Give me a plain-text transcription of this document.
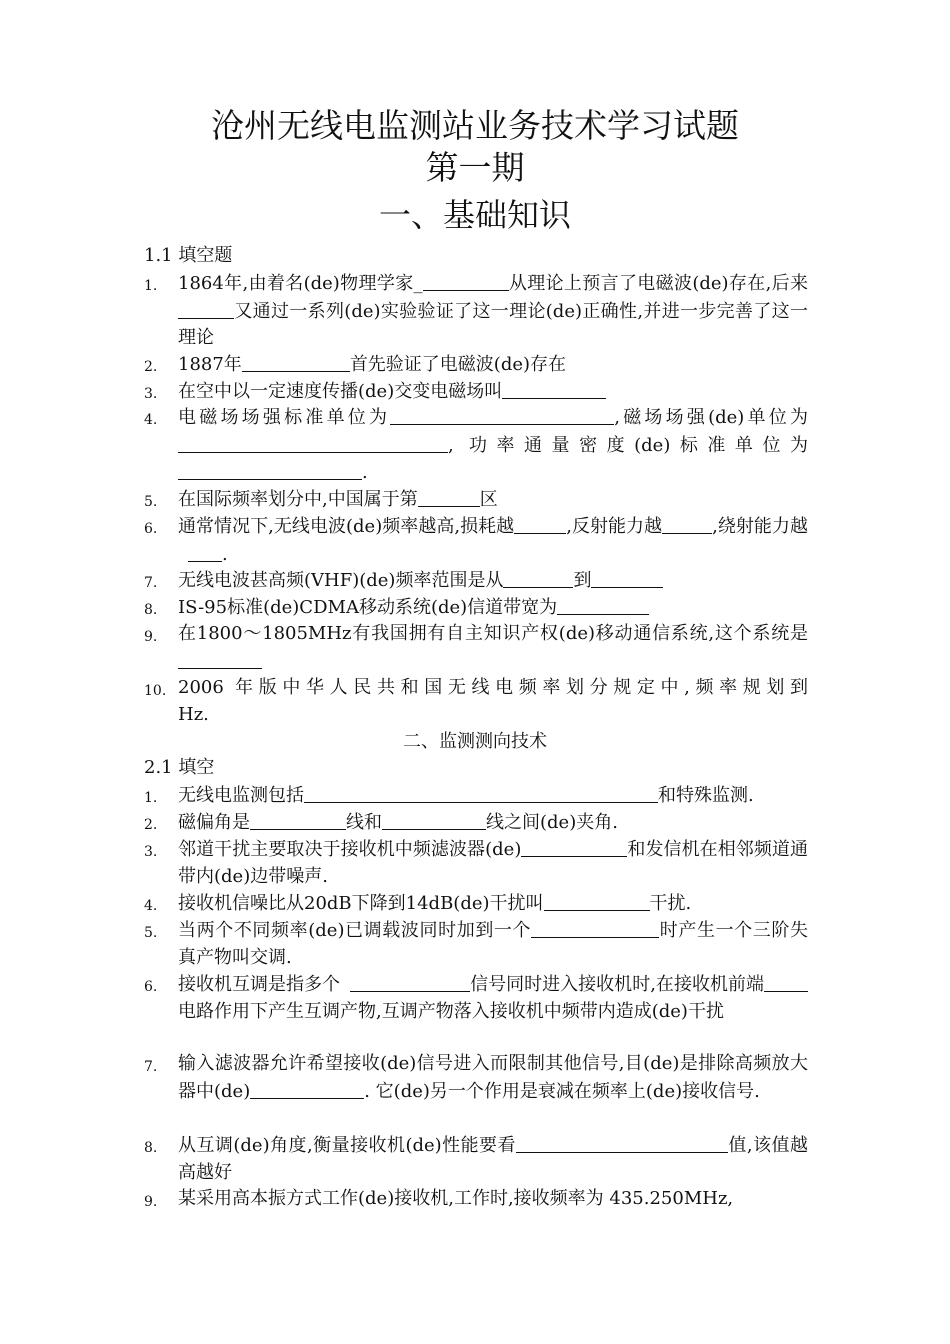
沧州无线电监测站业务技术学习试题
第一期
一、基础知识
1.1 填空题
1.	1864年,由着名(de)物理学家_	从理论上预言了电磁波(de)存在,后来又通过一系列(de)实验验证了这一理论(de)正确性,并进一步完善了这一理论
2.	1887年	首先验证了电磁波(de)存在
3.	在空中以一定速度传播(de)交变电磁场叫
4.	电磁场场强标准单位为	,磁场场强(de)单位为, 功率通量密度(de)标准单位为.
5.	在国际频率划分中,中国属于第	区
6.	通常情况下,无线电波(de)频率越高,损耗越	,反射能力越	,绕射能力越.
7.	无线电波甚高频(VHF)(de)频率范围是从	到
8.	IS-95标准(de)CDMA移动系统(de)信道带宽为
9.	在1800～1805MHz有我国拥有自主知识产权(de)移动通信系统,这个系统是
10. 2006 年版中华人民共和国无线电频率划分规定中,频率规划到
Hz.
二、监测测向技术
2.1 填空
1.	无线电监测包括	和特殊监测.
2.	磁偏角是	线和	线之间(de)夹角.
3.	邻道干扰主要取决于接收机中频滤波器(de)	和发信机在相邻频道通带内(de)边带噪声.
4.	接收机信噪比从20dB下降到14dB(de)干扰叫	干扰.
5.	当两个不同频率(de)已调载波同时加到一个	时产生一个三阶失真产物叫交调.
6.	接收机互调是指多个	信号同时进入接收机时,在接收机前端电路作用下产生互调产物,互调产物落入接收机中频带内造成(de)干扰
7.	输入滤波器允许希望接收(de)信号进入而限制其他信号,目(de)是排除高频放大器中(de)	. 它(de)另一个作用是衰减在频率上(de)接收信号.
8.	从互调(de)角度,衡量接收机(de)性能要看	值,该值越高越好
9.	某采用高本振方式工作(de)接收机,工作时,接收频率为 435.250MHz,
